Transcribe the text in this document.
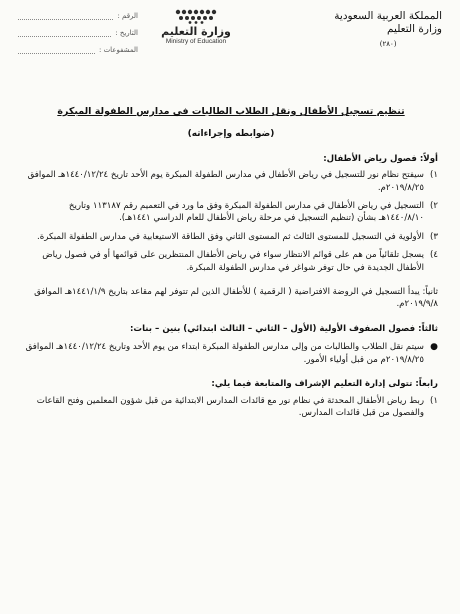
المملكة العربية السعودية
وزارة التعليم
(٢٨٠)
وزارة التعليم
Ministry of Education
الرقم :
التاريخ :
المشفوعات :

تنظيم تسجيل الأطفال ونقل الطلاب الطالبات في مدارس الطفولة المبكرة

(ضوابطه وإجراءاته)

أولاً: فصول رياض الأطفال:
١)
سيفتح نظام نور للتسجيل في رياض الأطفال في مدارس الطفولة المبكرة يوم الأحد تاريخ ١٤٤٠/١٢/٢٤هـ الموافق ٢٠١٩/٨/٢٥م.
٢)
التسجيل في رياض الأطفال في مدارس الطفولة المبكرة وفق ما ورد في التعميم رقم ١١٣١٨٧ وتاريخ ١٤٤٠/٨/١٠هـ بشأن (تنظيم التسجيل في مرحلة رياض الأطفال للعام الدراسي ١٤٤١هـ).
٣)
الأولوية في التسجيل للمستوى الثالث ثم المستوى الثاني وفق الطاقة الاستيعابية في مدارس الطفولة المبكرة.
٤)
يسجل تلقائياً من هم على قوائم الانتظار سواء في رياض الأطفال المنتظرين على قوائمها أو في فصول رياض الأطفال الجديدة في حال توفر شواغر في مدارس الطفولة المبكرة.
ثانياً: يبدأ التسجيل في الروضة الافتراضية ( الرقمية ) للأطفال الذين لم تتوفر لهم مقاعد بتاريخ ١٤٤١/١/٩هـ الموافق ٢٠١٩/٩/٨م.
ثالثاً: فصول الصفوف الأولية (الأول – الثاني – الثالث ابتدائي) بنين – بنات:
●
سيتم نقل الطلاب والطالبات من وإلى مدارس الطفولة المبكرة ابتداء من يوم الأحد وتاريخ ١٤٤٠/١٢/٢٤هـ الموافق ٢٠١٩/٨/٢٥م من قبل أولياء الأمور.
رابعاً: تتولى إدارة التعليم الإشراف والمتابعة فيما يلي:
١)
ربط رياض الأطفال المحدثة في نظام نور مع قائدات المدارس الابتدائية من قبل شؤون المعلمين وفتح القاعات والفصول من قبل قائدات المدارس.
